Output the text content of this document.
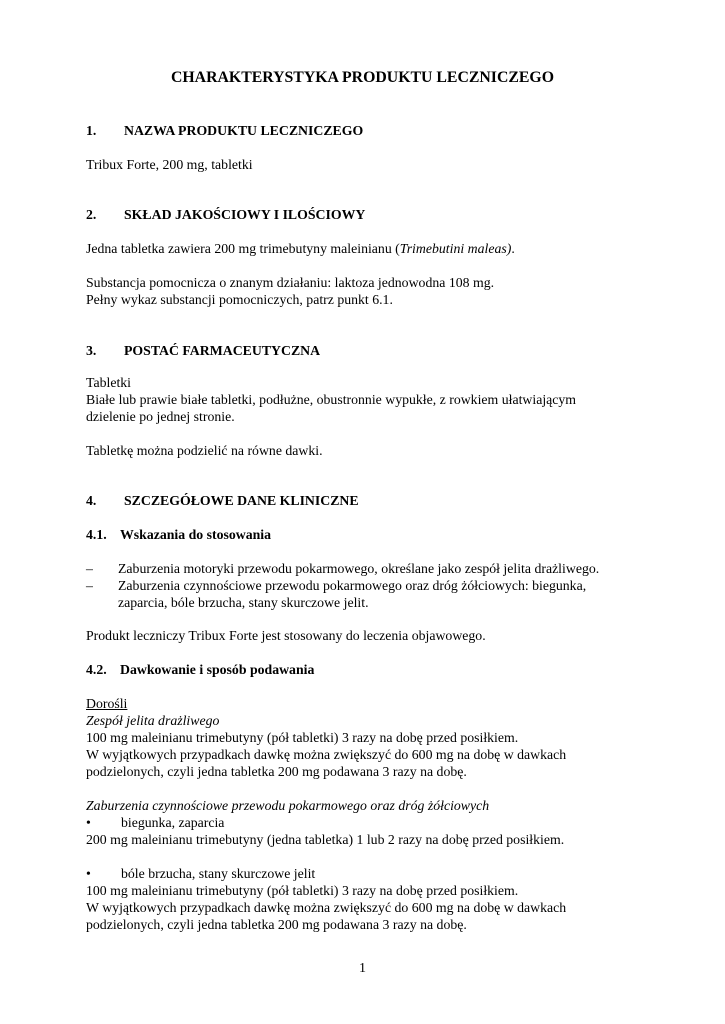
CHARAKTERYSTYKA PRODUKTU LECZNICZEGO

1. NAZWA PRODUKTU LECZNICZEGO

Tribux Forte, 200 mg, tabletki

2. SKŁAD JAKOŚCIOWY I ILOŚCIOWY

Jedna tabletka zawiera 200 mg trimebutyny maleinianu (Trimebutini maleas).

Substancja pomocnicza o znanym działaniu: laktoza jednowodna 108 mg.

Pełny wykaz substancji pomocniczych, patrz punkt 6.1.

3. POSTAĆ FARMACEUTYCZNA

Tabletki

Białe lub prawie białe tabletki, podłużne, obustronnie wypukłe, z rowkiem ułatwiającym

dzielenie po jednej stronie.

Tabletkę można podzielić na równe dawki.

4. SZCZEGÓŁOWE DANE KLINICZNE

4.1. Wskazania do stosowania

– Zaburzenia motoryki przewodu pokarmowego, określane jako zespół jelita drażliwego.
– Zaburzenia czynnościowe przewodu pokarmowego oraz dróg żółciowych: biegunka,
zaparcia, bóle brzucha, stany skurczowe jelit.

Produkt leczniczy Tribux Forte jest stosowany do leczenia objawowego.

4.2. Dawkowanie i sposób podawania

Dorośli

Zespół jelita drażliwego

100 mg maleinianu trimebutyny (pół tabletki) 3 razy na dobę przed posiłkiem.

W wyjątkowych przypadkach dawkę można zwiększyć do 600 mg na dobę w dawkach

podzielonych, czyli jedna tabletka 200 mg podawana 3 razy na dobę.

Zaburzenia czynnościowe przewodu pokarmowego oraz dróg żółciowych

• biegunka, zaparcia

200 mg maleinianu trimebutyny (jedna tabletka) 1 lub 2 razy na dobę przed posiłkiem.

• bóle brzucha, stany skurczowe jelit

100 mg maleinianu trimebutyny (pół tabletki) 3 razy na dobę przed posiłkiem.

W wyjątkowych przypadkach dawkę można zwiększyć do 600 mg na dobę w dawkach

podzielonych, czyli jedna tabletka 200 mg podawana 3 razy na dobę.

1
